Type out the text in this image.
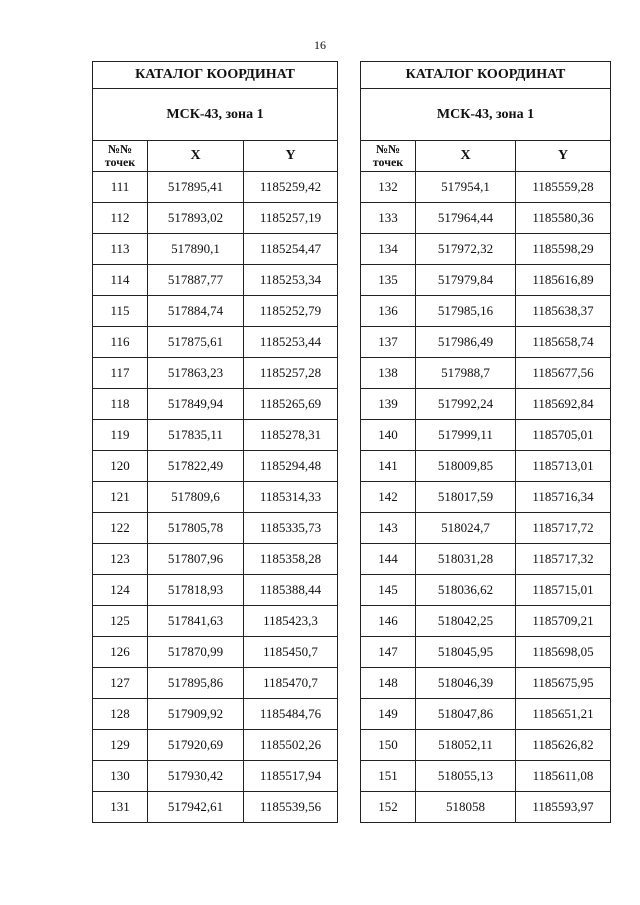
16
КАТАЛОГ КООРДИНАТ		
МСК-43, зона 1		

№№
точек	X	Y
111	517895,41	1185259,42
112	517893,02	1185257,19
113	517890,1	1185254,47
114	517887,77	1185253,34
115	517884,74	1185252,79
116	517875,61	1185253,44
117	517863,23	1185257,28
118	517849,94	1185265,69
119	517835,11	1185278,31
120	517822,49	1185294,48
121	517809,6	1185314,33
122	517805,78	1185335,73
123	517807,96	1185358,28
124	517818,93	1185388,44
125	517841,63	1185423,3
126	517870,99	1185450,7
127	517895,86	1185470,7
128	517909,92	1185484,76
129	517920,69	1185502,26
130	517930,42	1185517,94
131	517942,61	1185539,56
КАТАЛОГ КООРДИНАТ		
МСК-43, зона 1		

№№
точек	X	Y
132	517954,1	1185559,28
133	517964,44	1185580,36
134	517972,32	1185598,29
135	517979,84	1185616,89
136	517985,16	1185638,37
137	517986,49	1185658,74
138	517988,7	1185677,56
139	517992,24	1185692,84
140	517999,11	1185705,01
141	518009,85	1185713,01
142	518017,59	1185716,34
143	518024,7	1185717,72
144	518031,28	1185717,32
145	518036,62	1185715,01
146	518042,25	1185709,21
147	518045,95	1185698,05
148	518046,39	1185675,95
149	518047,86	1185651,21
150	518052,11	1185626,82
151	518055,13	1185611,08
152	518058	1185593,97
